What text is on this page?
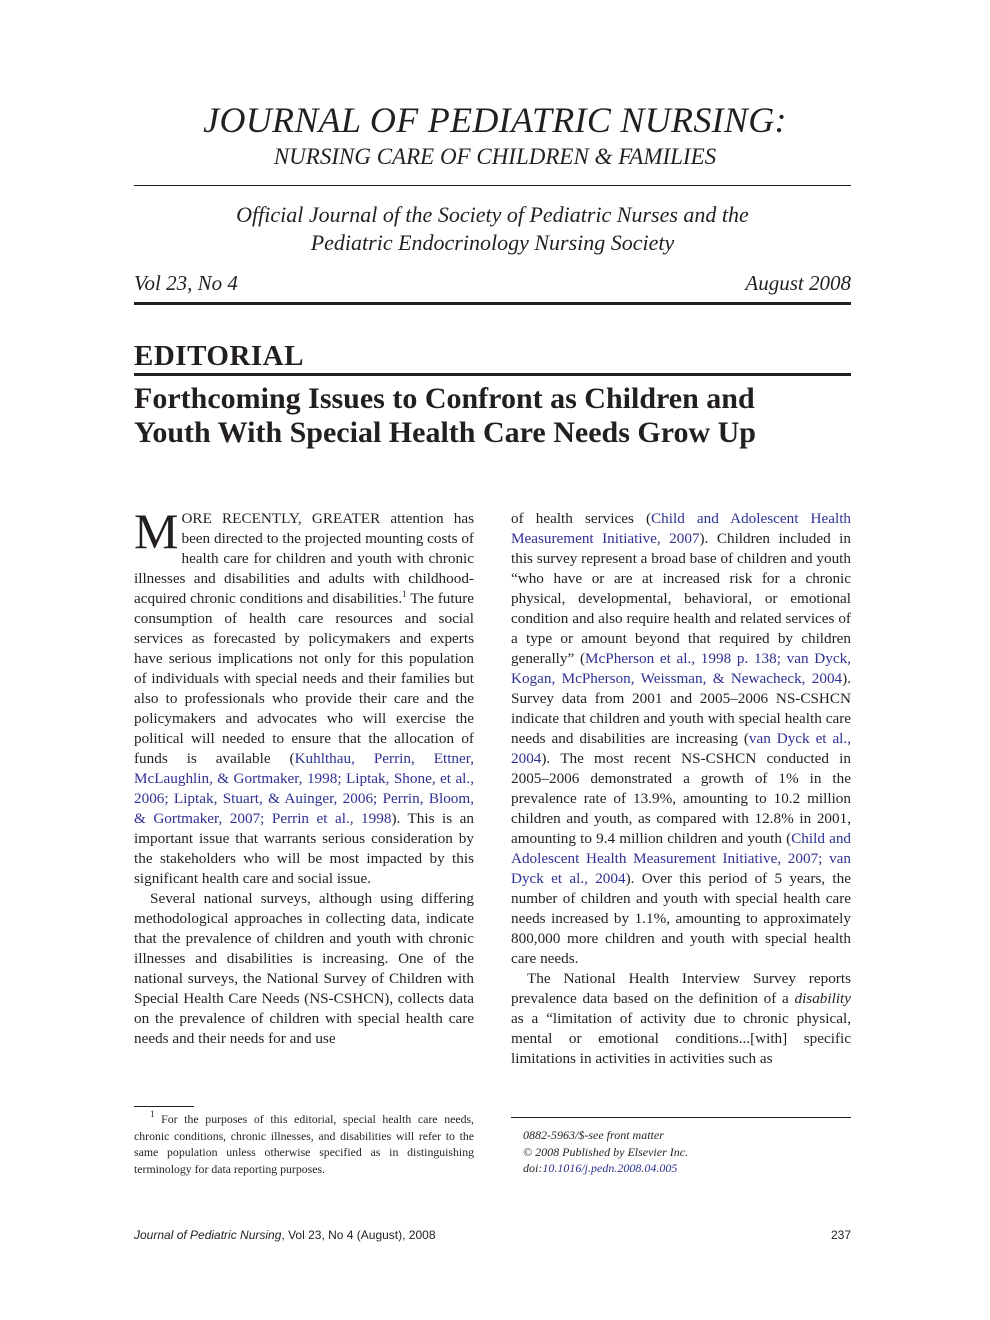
JOURNAL OF PEDIATRIC NURSING:
NURSING CARE OF CHILDREN & FAMILIES
Official Journal of the Society of Pediatric Nurses and the
Pediatric Endocrinology Nursing Society
Vol 23, No 4	August 2008
EDITORIAL
Forthcoming Issues to Confront as Children and
Youth With Special Health Care Needs Grow Up

MORE RECENTLY, GREATER attention has been directed to the projected mounting costs of health care for children and youth with chronic illnesses and disabilities and adults with childhood-acquired chronic conditions and disabilities.$^1$ The future consumption of health care resources and social services as forecasted by policymakers and experts have serious implications not only for this population of individuals with special needs and their families but also to professionals who provide their care and the policymakers and advocates who will exercise the political will needed to ensure that the allocation of funds is available (Kuhlthau, Perrin, Ettner, McLaughlin, & Gortmaker, 1998; Liptak, Shone, et al., 2006; Liptak, Stuart, & Auinger, 2006; Perrin, Bloom, & Gortmaker, 2007; Perrin et al., 1998). This is an important issue that warrants serious consideration by the stakeholders who will be most impacted by this significant health care and social issue.

Several national surveys, although using differing methodological approaches in collecting data, indicate that the prevalence of children and youth with chronic illnesses and disabilities is increasing. One of the national surveys, the National Survey of Children with Special Health Care Needs (NS-CSHCN), collects data on the prevalence of children with special health care needs and their needs for and use

of health services (Child and Adolescent Health Measurement Initiative, 2007). Children included in this survey represent a broad base of children and youth “who have or are at increased risk for a chronic physical, developmental, behavioral, or emotional condition and also require health and related services of a type or amount beyond that required by children generally” (McPherson et al., 1998 p. 138; van Dyck, Kogan, McPherson, Weissman, & Newacheck, 2004). Survey data from 2001 and 2005–2006 NS-CSHCN indicate that children and youth with special health care needs and disabilities are increasing (van Dyck et al., 2004). The most recent NS-CSHCN conducted in 2005–2006 demonstrated a growth of 1% in the prevalence rate of 13.9%, amounting to 10.2 million children and youth, as compared with 12.8% in 2001, amounting to 9.4 million children and youth (Child and Adolescent Health Measurement Initiative, 2007; van Dyck et al., 2004). Over this period of 5 years, the number of children and youth with special health care needs increased by 1.1%, amounting to approximately 800,000 more children and youth with special health care needs.

The National Health Interview Survey reports prevalence data based on the definition of a disability as a “limitation of activity due to chronic physical, mental or emotional conditions...[with] specific limitations in activities in activities such as

$^1$ For the purposes of this editorial, special health care needs, chronic conditions, chronic illnesses, and disabilities will refer to the same population unless otherwise specified as in distinguishing terminology for data reporting purposes.
0882-5963/$-see front matter
© 2008 Published by Elsevier Inc.
doi:10.1016/j.pedn.2008.04.005
Journal of Pediatric Nursing, Vol 23, No 4 (August), 2008	237
